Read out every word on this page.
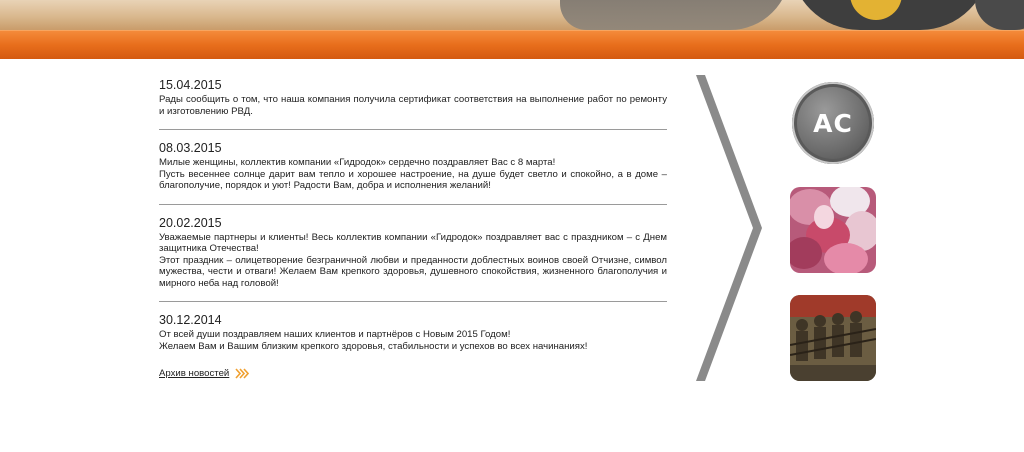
15.04.2015
Рады сообщить о том, что наша компания получила сертификат соответствия на выполнение работ по ремонту и изготовлению РВД.
08.03.2015
Милые женщины, коллектив компании «Гидродок» сердечно поздравляет Вас с 8 марта!
Пусть весеннее солнце дарит вам тепло и хорошее настроение, на душе будет светло и спокойно, а в доме – благополучие, порядок и уют! Радости Вам, добра и исполнения желаний!
20.02.2015
Уважаемые партнеры и клиенты! Весь коллектив компании «Гидродок» поздравляет вас с праздником – с Днем защитника Отечества!
Этот праздник – олицетворение безграничной любви и преданности доблестных воинов своей Отчизне, символ мужества, чести и отваги! Желаем Вам крепкого здоровья, душевного спокойствия, жизненного благополучия и мирного неба над головой!
30.12.2014
От всей души поздравляем наших клиентов и партнёров с Новым 2015 Годом!
Желаем Вам и Вашим близким крепкого здоровья, стабильности и успехов во всех начинаниях!
Архив новостей
AC
